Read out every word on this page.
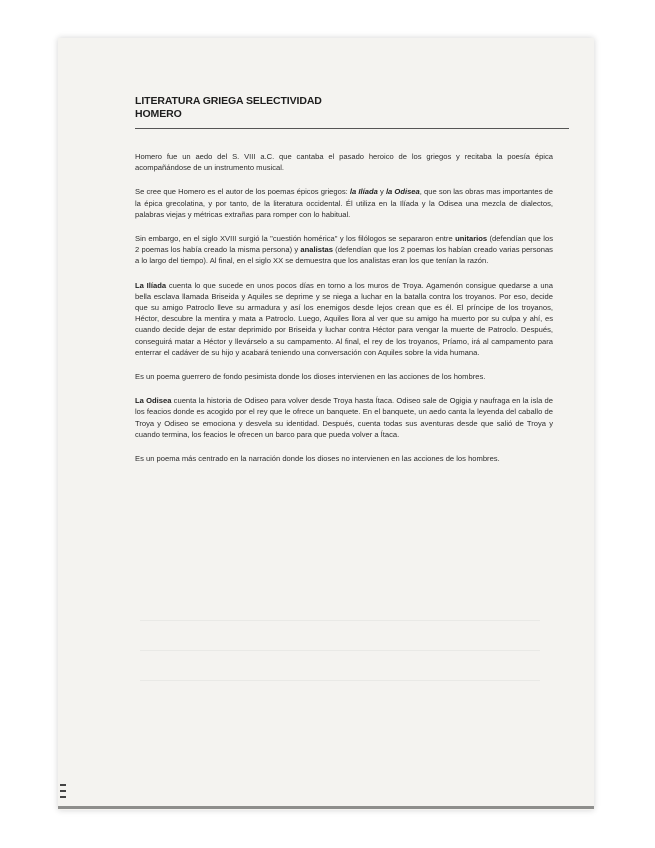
LITERATURA GRIEGA SELECTIVIDAD
HOMERO

Homero fue un aedo del S. VIII a.C. que cantaba el pasado heroico de los griegos y recitaba la poesía épica acompañándose de un instrumento musical.

Se cree que Homero es el autor de los poemas épicos griegos: la Ilíada y la Odisea, que son las obras mas importantes de la épica grecolatina, y por tanto, de la literatura occidental. Él utiliza en la Ilíada y la Odisea una mezcla de dialectos, palabras viejas y métricas extrañas para romper con lo habitual.

Sin embargo, en el siglo XVIII surgió la "cuestión homérica" y los filólogos se separaron entre unitarios (defendían que los 2 poemas los había creado la misma persona) y analistas (defendían que los 2 poemas los habían creado varias personas a lo largo del tiempo). Al final, en el siglo XX se demuestra que los analistas eran los que tenían la razón.

La Ilíada cuenta lo que sucede en unos pocos días en torno a los muros de Troya. Agamenón consigue quedarse a una bella esclava llamada Briseida y Aquiles se deprime y se niega a luchar en la batalla contra los troyanos. Por eso, decide que su amigo Patroclo lleve su armadura y así los enemigos desde lejos crean que es él. El príncipe de los troyanos, Héctor, descubre la mentira y mata a Patroclo. Luego, Aquiles llora al ver que su amigo ha muerto por su culpa y ahí, es cuando decide dejar de estar deprimido por Briseida y luchar contra Héctor para vengar la muerte de Patroclo. Después, conseguirá matar a Héctor y llevárselo a su campamento. Al final, el rey de los troyanos, Príamo, irá al campamento para enterrar el cadáver de su hijo y acabará teniendo una conversación con Aquiles sobre la vida humana.

Es un poema guerrero de fondo pesimista donde los dioses intervienen en las acciones de los hombres.

La Odisea cuenta la historia de Odiseo para volver desde Troya hasta Ítaca. Odiseo sale de Ogigia y naufraga en la isla de los feacios donde es acogido por el rey que le ofrece un banquete. En el banquete, un aedo canta la leyenda del caballo de Troya y Odiseo se emociona y desvela su identidad. Después, cuenta todas sus aventuras desde que salió de Troya y cuando termina, los feacios le ofrecen un barco para que pueda volver a Ítaca.

Es un poema más centrado en la narración donde los dioses no intervienen en las acciones de los hombres.
